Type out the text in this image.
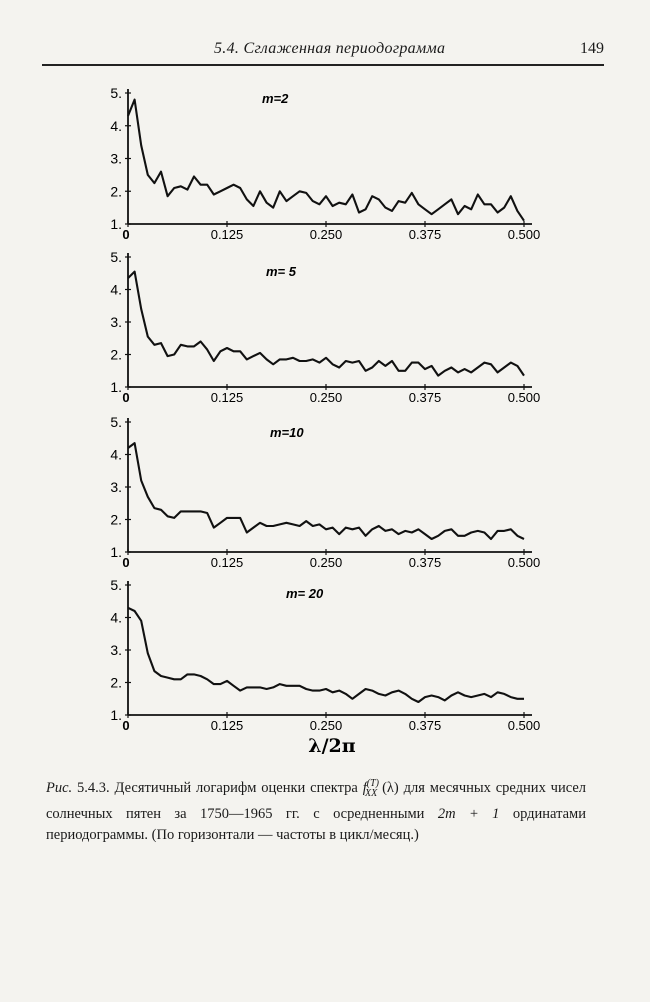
5.4. Сглаженная периодограмма	149
5.
4.
3.
2.
1.
0	0.125	0.250	0.375	0.500
m=2
5.
4.
3.
2.
1.
0	0.125	0.250	0.375	0.500
m= 5
5.
4.
3.
2.
1.
0	0.125	0.250	0.375	0.500
m=10
5.
4.
3.
2.
1.
0	0.125	0.250	0.375	0.500
m= 20
λ/2π
Рис. 5.4.3. Десятичный логарифм оценки спектра $f^{(T)}_{XX}$ (λ) для месячных средних чисел солнечных пятен за 1750—1965 гг. с осредненными 2m + 1 ординатами периодограммы. (По горизонтали — частоты в цикл/месяц.)
